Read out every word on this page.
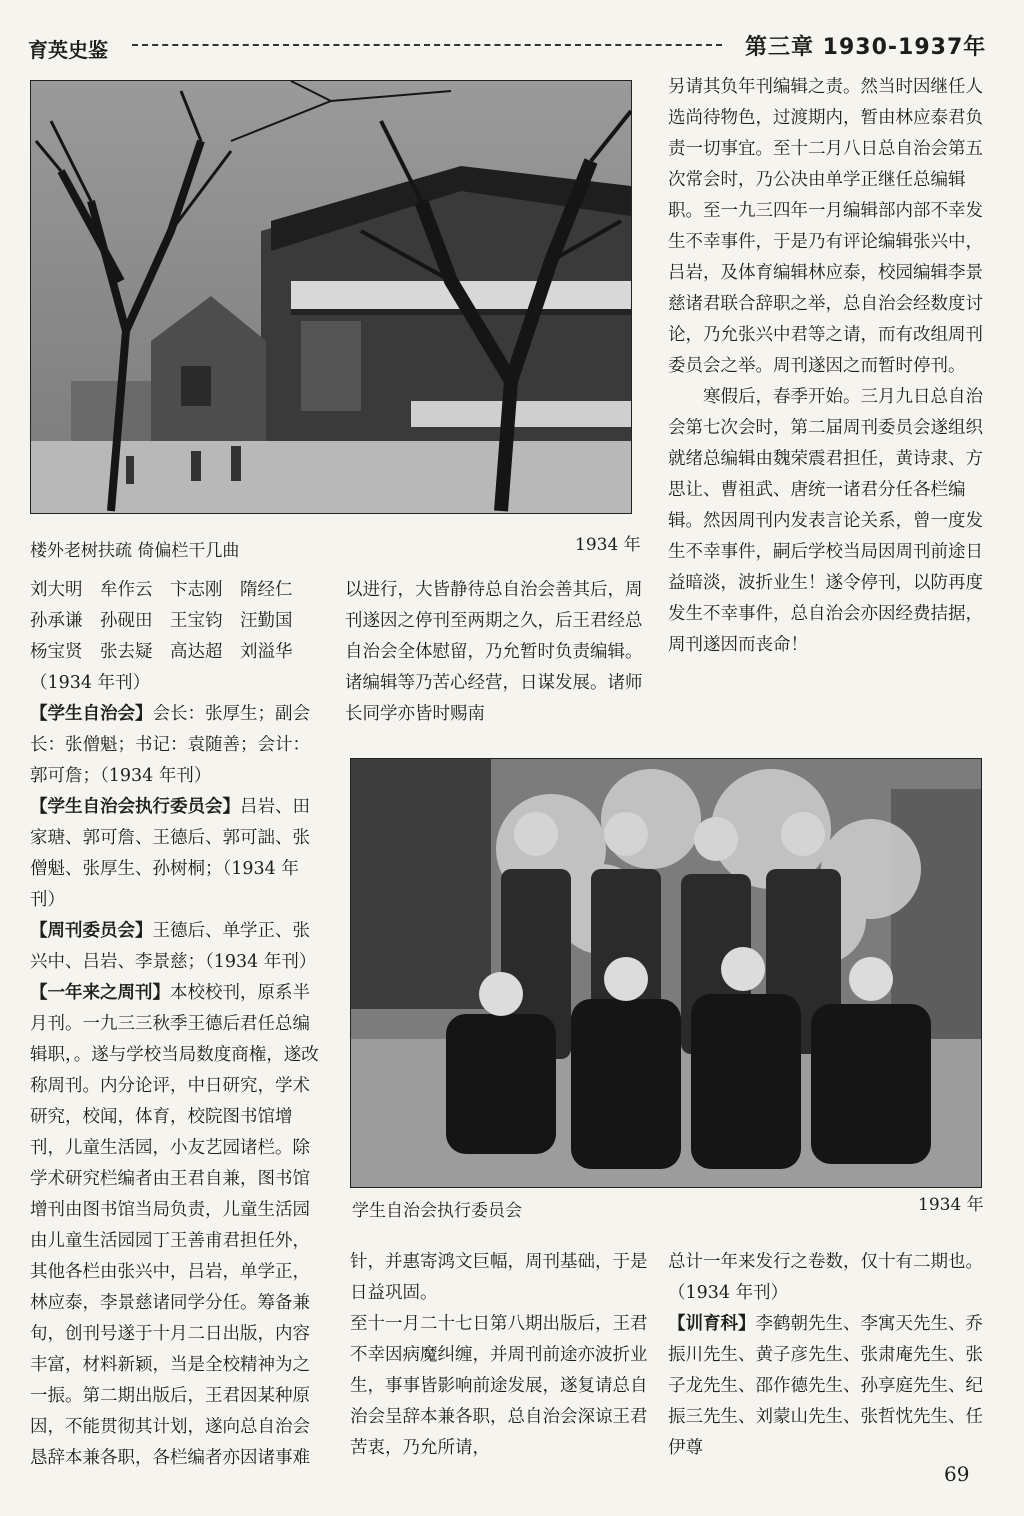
育英史鉴	第三章 1930-1937年
楼外老树扶疏 倚偏栏干几曲	1934 年
刘大明 牟作云 卞志刚 隋经仁
孙承谦 孙砚田 王宝钧 汪勤国
杨宝贤 张去疑 高达超 刘溢华
（1934 年刊）

【学生自治会】会长：张厚生；副会长：张僧魁；书记：袁随善；会计：郭可詹；（1934 年刊）

【学生自治会执行委员会】吕岩、田家瑭、郭可詹、王德后、郭可詘、张僧魁、张厚生、孙树桐；（1934 年刊）

【周刊委员会】王德后、单学正、张兴中、吕岩、李景慈；（1934 年刊）

【一年来之周刊】本校校刊，原系半月刊。一九三三秋季王德后君任总编辑职，。遂与学校当局数度商権，遂改称周刊。内分论评，中日研究，学术研究，校闻，体育，校院图书馆增刊，儿童生活园，小友艺园诸栏。除学术研究栏编者由王君自兼，图书馆增刊由图书馆当局负责，儿童生活园由儿童生活园园丁王善甫君担任外，其他各栏由张兴中，吕岩，单学正，林应泰，李景慈诸同学分任。筹备兼旬，创刊号遂于十月二日出版，内容丰富，材料新颖，当是全校精神为之一振。第二期出版后，王君因某种原因，不能贯彻其计划，遂向总自治会恳辞本兼各职，各栏编者亦因诸事难

以进行，大皆静待总自治会善其后，周刊遂因之停刊至两期之久，后王君经总自治会全体慰留，乃允暂时负责编辑。诸编辑等乃苦心经营，日谋发展。诸师长同学亦皆时赐南

另请其负年刊编辑之责。然当时因继任人选尚待物色，过渡期内，暂由林应泰君负责一切事宜。至十二月八日总自治会第五次常会时，乃公决由单学正继任总编辑职。至一九三四年一月编辑部内部不幸发生不幸事件，于是乃有评论编辑张兴中，吕岩，及体育编辑林应泰，校园编辑李景慈诸君联合辞职之举，总自治会经数度讨论，乃允张兴中君等之请，而有改组周刊委员会之举。周刊遂因之而暂时停刊。

寒假后，春季开始。三月九日总自治会第七次会时，第二届周刊委员会遂组织就绪总编辑由魏荣震君担任，黄诗隶、方思让、曹祖武、唐统一诸君分任各栏编辑。然因周刊内发表言论关系，曾一度发生不幸事件，嗣后学校当局因周刊前途日益暗淡，波折业生！遂令停刊，以防再度发生不幸事件，总自治会亦因经费拮据，周刊遂因而丧命！

学生自治会执行委员会	1934 年

针，并惠寄鸿文巨幅，周刊基础，于是日益巩固。

至十一月二十七日第八期出版后，王君不幸因病魔纠缠，并周刊前途亦波折业生，事事皆影响前途发展，遂复请总自治会呈辞本兼各职，总自治会深谅王君苦衷，乃允所请，

总计一年来发行之卷数，仅十有二期也。（1934 年刊）

【训育科】李鹤朝先生、李寓天先生、乔振川先生、黄子彦先生、张肃庵先生、张子龙先生、邵作德先生、孙享庭先生、纪振三先生、刘蒙山先生、张哲忱先生、任伊尊

69
